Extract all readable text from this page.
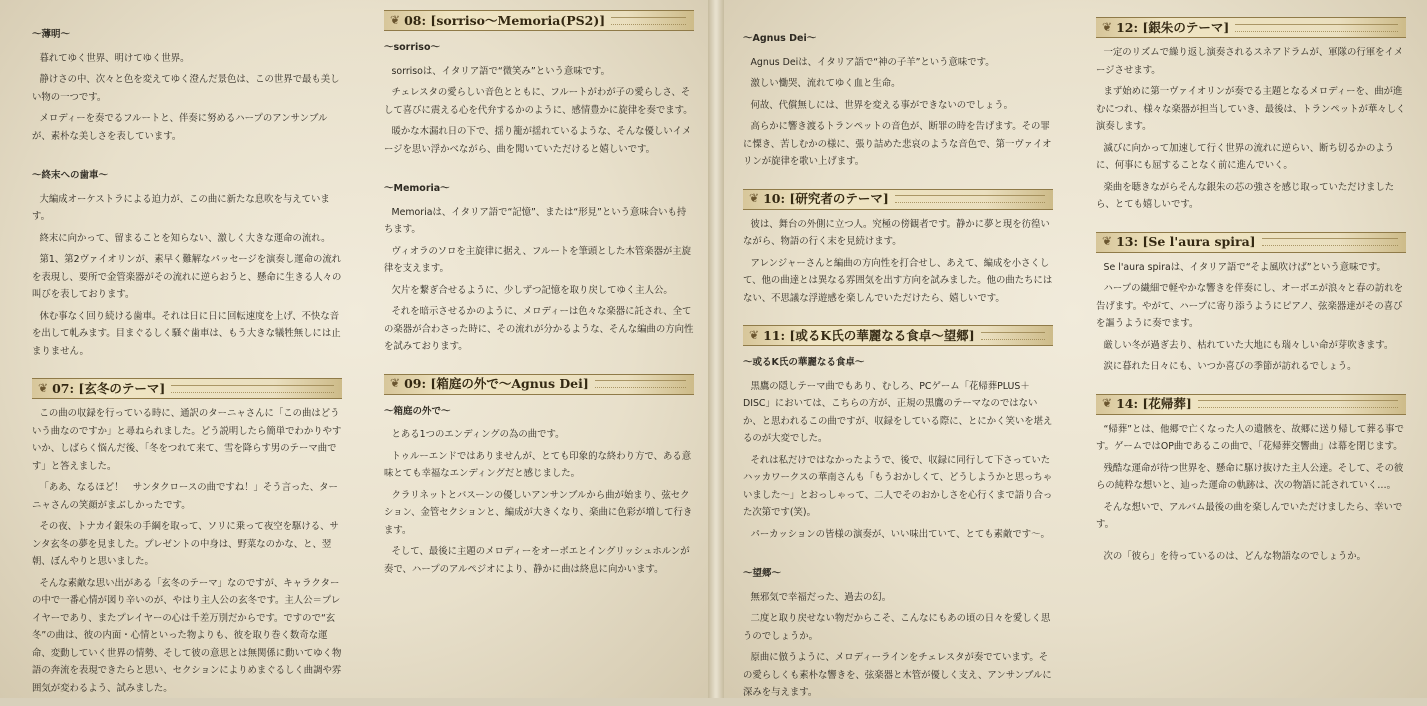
～薄明～

暮れてゆく世界、明けてゆく世界。

静けさの中、次々と色を変えてゆく澄んだ景色は、この世界で最も美しい物の一つです。

メロディーを奏でるフルートと、伴奏に努めるハープのアンサンブルが、素朴な美しさを表しています。

～終末への歯車～

大編成オーケストラによる迫力が、この曲に新たな息吹を与えています。

終末に向かって、留まることを知らない、激しく大きな運命の流れ。

第1、第2ヴァイオリンが、素早く難解なパッセージを演奏し運命の流れを表現し、要所で金管楽器がその流れに逆らおうと、懸命に生きる人々の叫びを表しております。

休む事なく回り続ける歯車。それは日に日に回転速度を上げ、不快な音を出して軋みます。目まぐるしく騒ぐ歯車は、もう大きな犠牲無しには止まりません。

❦ 07: [玄冬のテーマ]

この曲の収録を行っている時に、通訳のターニャさんに「この曲はどういう曲なのですか」と尋ねられました。どう説明したら簡単でわかりやすいか、しばらく悩んだ後、「冬をつれて来て、雪を降らす男のテーマ曲です」と答えました。

「ああ、なるほど！　サンタクロースの曲ですね！」そう言った、ターニャさんの笑顔がまぶしかったです。

その夜、トナカイ銀朱の手綱を取って、ソリに乗って夜空を駆ける、サンタ玄冬の夢を見ました。プレゼントの中身は、野菜なのかな、と、翌朝、ぼんやりと思いました。

そんな素敵な思い出がある「玄冬のテーマ」なのですが、キャラクターの中で一番心情が図り辛いのが、やはり主人公の玄冬です。主人公＝プレイヤーであり、またプレイヤーの心は千差万別だからです。ですので“玄冬”の曲は、彼の内面・心情といった物よりも、彼を取り巻く数奇な運命、変動していく世界の情勢、そして彼の意思とは無関係に動いてゆく物語の奔流を表現できたらと思い、セクションによりめまぐるしく曲調や雰囲気が変わるよう、試みました。

❦ 08: [sorriso～Memoria(PS2)]
～sorriso～

sorrisoは、イタリア語で“微笑み”という意味です。

チェレスタの愛らしい音色とともに、フルートがわが子の愛らしさ、そして喜びに震える心を代弁するかのように、感情豊かに旋律を奏でます。

暖かな木漏れ日の下で、揺り籠が揺れているような、そんな優しいイメージを思い浮かべながら、曲を聞いていただけると嬉しいです。

～Memoria～

Memoriaは、イタリア語で“記憶”、または“形見”という意味合いも持ちます。

ヴィオラのソロを主旋律に据え、フルートを筆頭とした木管楽器が主旋律を支えます。

欠片を繋ぎ合せるように、少しずつ記憶を取り戻してゆく主人公。

それを暗示させるかのように、メロディーは色々な楽器に託され、全ての楽器が合わさった時に、その流れが分かるような、そんな編曲の方向性を試みております。

❦ 09: [箱庭の外で～Agnus Dei]
～箱庭の外で～

とある1つのエンディングの為の曲です。

トゥルーエンドではありませんが、とても印象的な終わり方で、ある意味とても幸福なエンディングだと感じました。

クラリネットとバスーンの優しいアンサンブルから曲が始まり、弦セクション、金管セクションと、編成が大きくなり、楽曲に色彩が増して行きます。

そして、最後に主題のメロディーをオーボエとイングリッシュホルンが奏で、ハープのアルペジオにより、静かに曲は終息に向かいます。

～Agnus Dei～

Agnus Deiは、イタリア語で“神の子羊”という意味です。

激しい慟哭、流れてゆく血と生命。

何故、代償無しには、世界を変える事ができないのでしょう。

高らかに響き渡るトランペットの音色が、断罪の時を告げます。その罪に慄き、苦しむかの様に、張り詰めた悲哀のような音色で、第一ヴァイオリンが旋律を歌い上げます。

❦ 10: [研究者のテーマ]

彼は、舞台の外側に立つ人。究極の傍観者です。静かに夢と現を彷徨いながら、物語の行く末を見続けます。

アレンジャーさんと編曲の方向性を打合せし、あえて、編成を小さくして、他の曲達とは異なる雰囲気を出す方向を試みました。他の曲たちにはない、不思議な浮遊感を楽しんでいただけたら、嬉しいです。

❦ 11: [或るK氏の華麗なる食卓～望郷]
～或るK氏の華麗なる食卓～

黒鷹の隠しテーマ曲でもあり、むしろ、PCゲーム「花帰葬PLUS＋DISC」においては、こちらの方が、正規の黒鷹のテーマなのではないか、と思われるこの曲ですが、収録をしている際に、とにかく笑いを堪えるのが大変でした。

それは私だけではなかったようで、後で、収録に同行して下さっていたハッカワークスの華南さんも「もうおかしくて、どうしようかと思っちゃいました～」とおっしゃって、二人でそのおかしさを心行くまで語り合った次第です(笑)。

パーカッションの皆様の演奏が、いい味出ていて、とても素敵です～。

～望郷～

無邪気で幸福だった、過去の幻。

二度と取り戻せない物だからこそ、こんなにもあの頃の日々を愛しく思うのでしょうか。

原曲に倣うように、メロディーラインをチェレスタが奏でています。その愛らしくも素朴な響きを、弦楽器と木管が優しく支え、アンサンブルに深みを与えます。

❦ 12: [銀朱のテーマ]

一定のリズムで繰り返し演奏されるスネアドラムが、軍隊の行軍をイメージさせます。

まず始めに第一ヴァイオリンが奏でる主題となるメロディーを、曲が進むにつれ、様々な楽器が担当していき、最後は、トランペットが華々しく演奏します。

滅びに向かって加速して行く世界の流れに逆らい、断ち切るかのように、何事にも屈することなく前に進んでいく。

楽曲を聴きながらそんな銀朱の芯の強さを感じ取っていただけましたら、とても嬉しいです。

❦ 13: [Se l'aura spira]

Se l'aura spiraは、イタリア語で“そよ風吹けば”という意味です。

ハープの繊細で軽やかな響きを伴奏にし、オーボエが浪々と春の訪れを告げます。やがて、ハープに寄り添うようにピアノ、弦楽器達がその喜びを謳うように奏でます。

厳しい冬が過ぎ去り、枯れていた大地にも瑞々しい命が芽吹きます。

涙に暮れた日々にも、いつか喜びの季節が訪れるでしょう。

❦ 14: [花帰葬]

“帰葬”とは、他郷で亡くなった人の遺骸を、故郷に送り帰して葬る事です。ゲームではOP曲であるこの曲で、「花帰葬交響曲」は幕を閉じます。

残酷な運命が待つ世界を、懸命に駆け抜けた主人公達。そして、その彼らの純粋な想いと、辿った運命の軌跡は、次の物語に託されていく…。

そんな想いで、アルバム最後の曲を楽しんでいただけましたら、幸いです。

次の「彼ら」を待っているのは、どんな物語なのでしょうか。
